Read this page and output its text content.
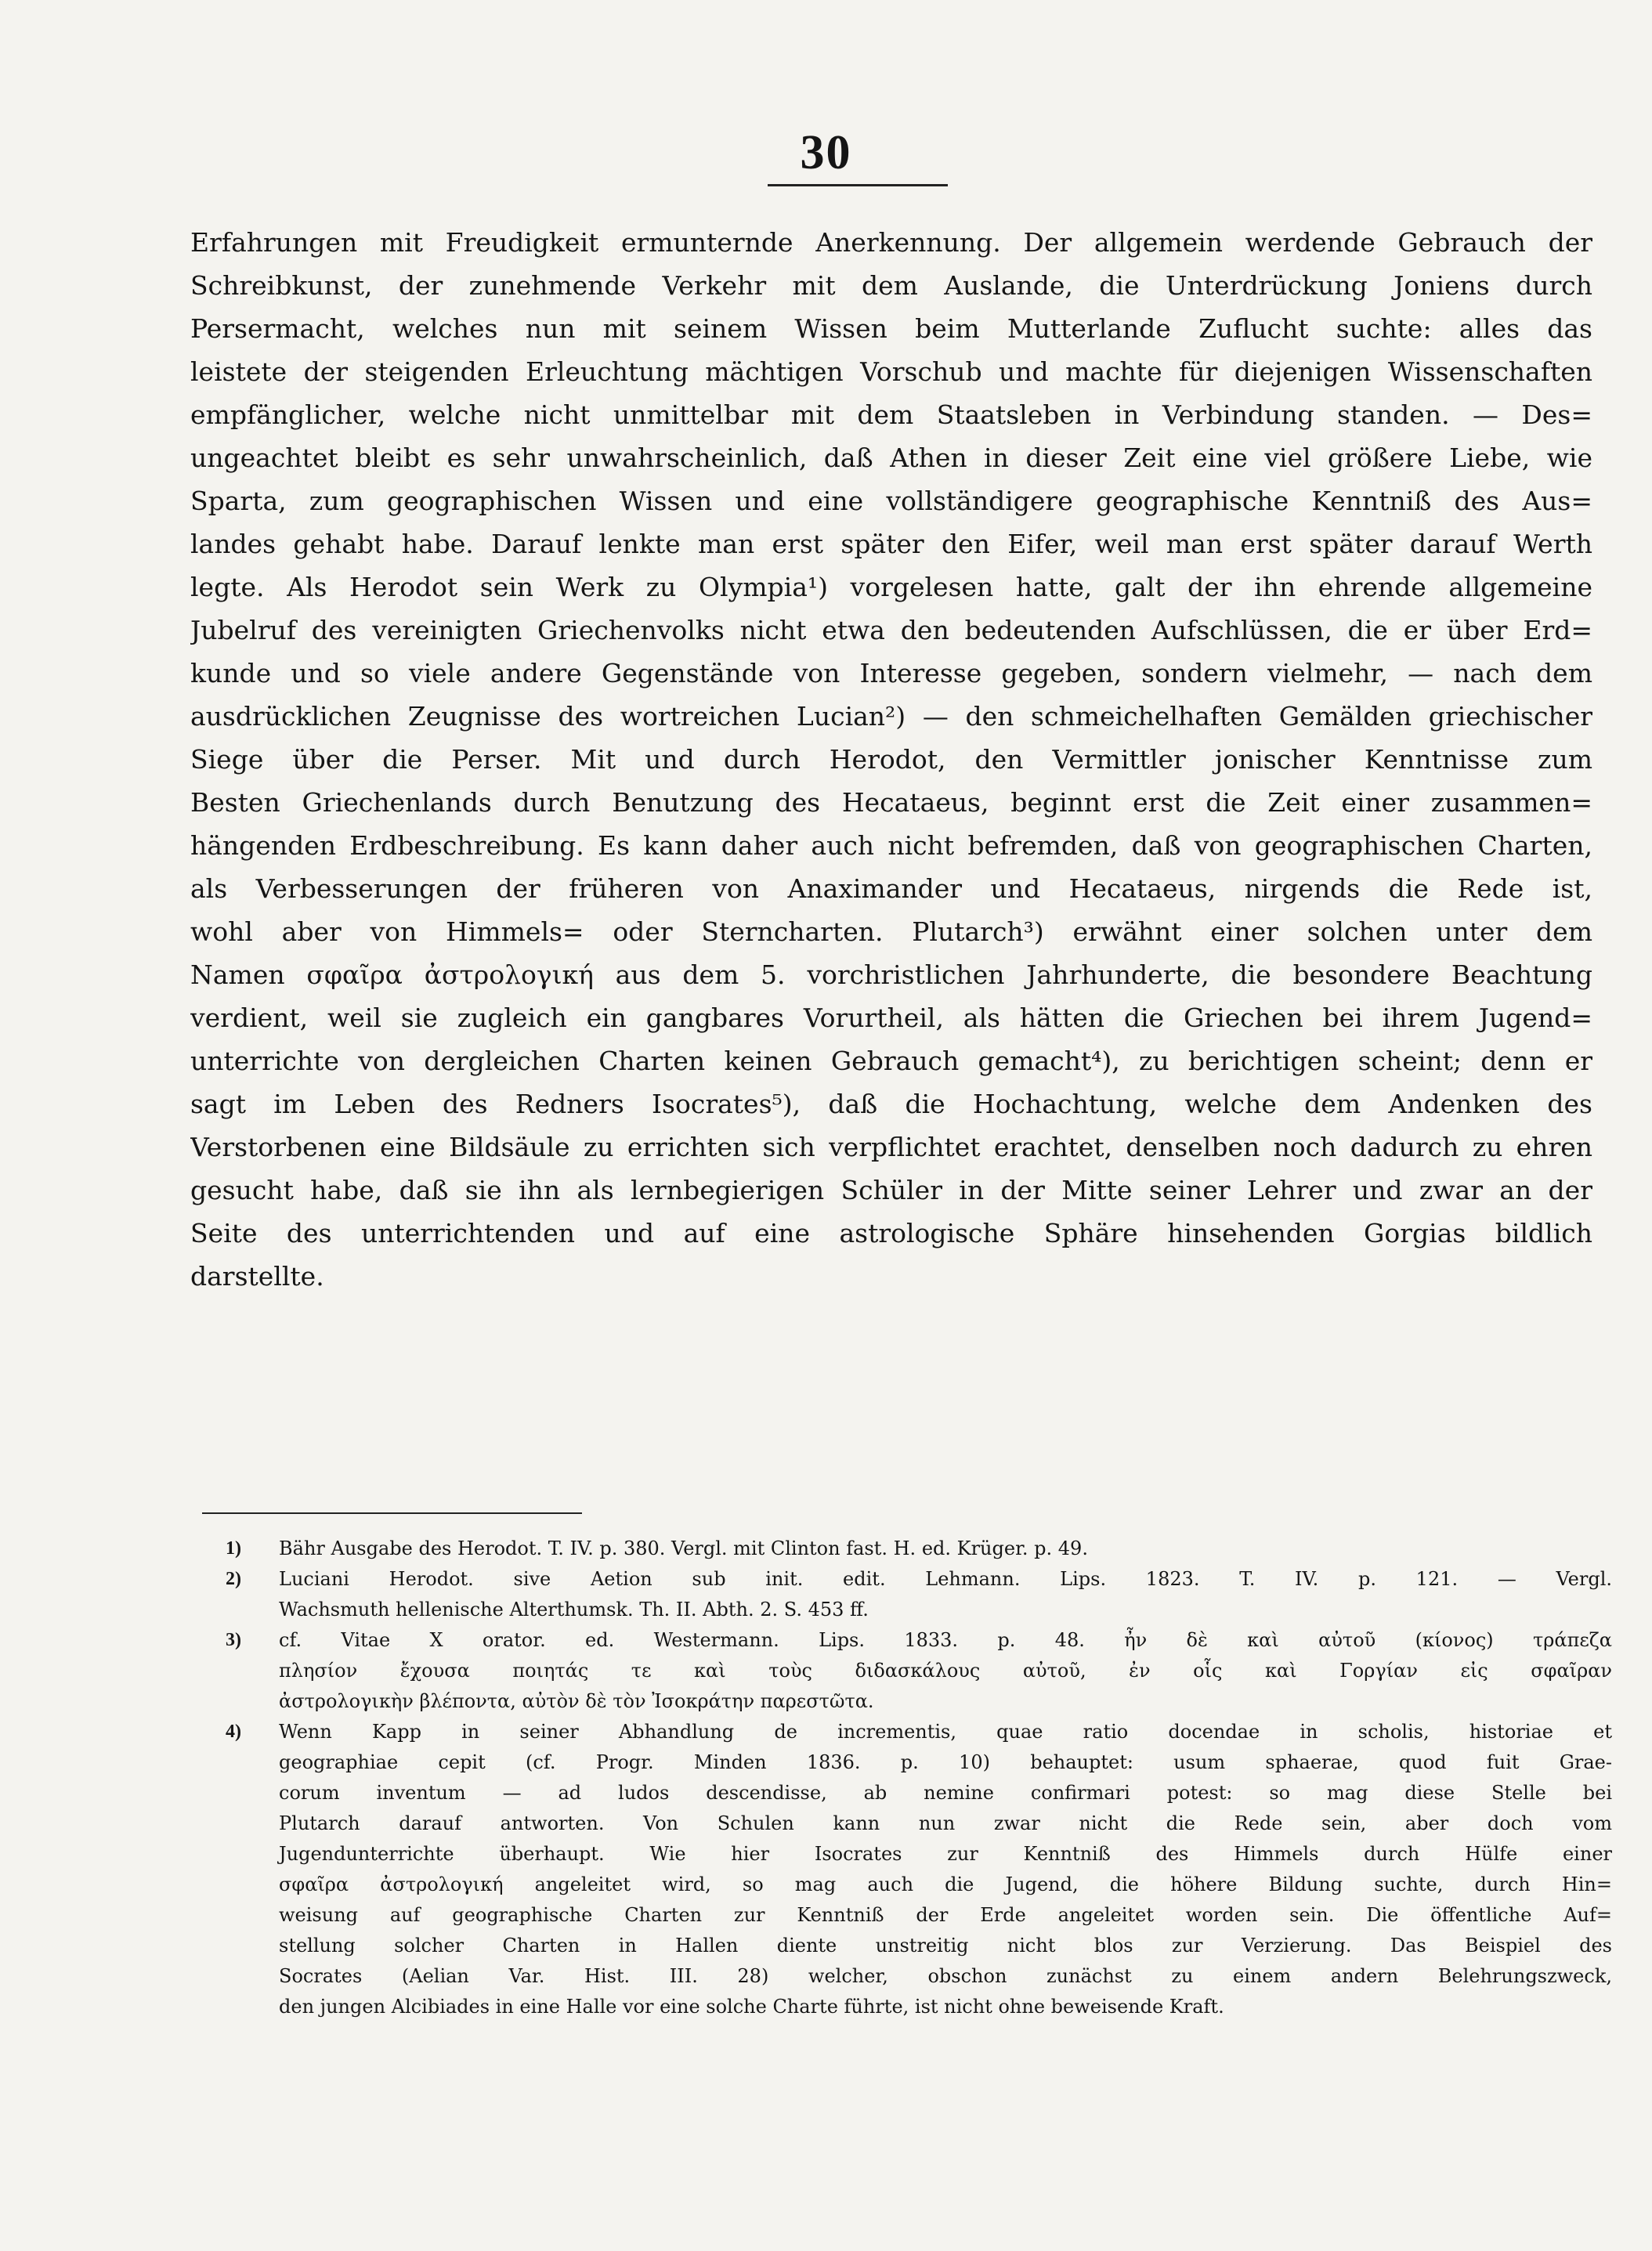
30
Erfahrungen mit Freudigkeit ermunternde Anerkennung. Der allgemein werdende Gebrauch der
Schreibkunst, der zunehmende Verkehr mit dem Auslande, die Unterdrückung Joniens durch
Persermacht, welches nun mit seinem Wissen beim Mutterlande Zuflucht suchte: alles das
leistete der steigenden Erleuchtung mächtigen Vorschub und machte für diejenigen Wissenschaften
empfänglicher, welche nicht unmittelbar mit dem Staatsleben in Verbindung standen. — Des=
ungeachtet bleibt es sehr unwahrscheinlich, daß Athen in dieser Zeit eine viel größere Liebe, wie
Sparta, zum geographischen Wissen und eine vollständigere geographische Kenntniß des Aus=
landes gehabt habe. Darauf lenkte man erst später den Eifer, weil man erst später darauf Werth
legte. Als Herodot sein Werk zu Olympia¹) vorgelesen hatte, galt der ihn ehrende allgemeine
Jubelruf des vereinigten Griechenvolks nicht etwa den bedeutenden Aufschlüssen, die er über Erd=
kunde und so viele andere Gegenstände von Interesse gegeben, sondern vielmehr, — nach dem
ausdrücklichen Zeugnisse des wortreichen Lucian²) — den schmeichelhaften Gemälden griechischer
Siege über die Perser. Mit und durch Herodot, den Vermittler jonischer Kenntnisse zum
Besten Griechenlands durch Benutzung des Hecataeus, beginnt erst die Zeit einer zusammen=
hängenden Erdbeschreibung. Es kann daher auch nicht befremden, daß von geographischen Charten,
als Verbesserungen der früheren von Anaximander und Hecataeus, nirgends die Rede ist,
wohl aber von Himmels= oder Sterncharten. Plutarch³) erwähnt einer solchen unter dem
Namen σφαῖρα ἀστρολογική aus dem 5. vorchristlichen Jahrhunderte, die besondere Beachtung
verdient, weil sie zugleich ein gangbares Vorurtheil, als hätten die Griechen bei ihrem Jugend=
unterrichte von dergleichen Charten keinen Gebrauch gemacht⁴), zu berichtigen scheint; denn er
sagt im Leben des Redners Isocrates⁵), daß die Hochachtung, welche dem Andenken des
Verstorbenen eine Bildsäule zu errichten sich verpflichtet erachtet, denselben noch dadurch zu ehren
gesucht habe, daß sie ihn als lernbegierigen Schüler in der Mitte seiner Lehrer und zwar an der
Seite des unterrichtenden und auf eine astrologische Sphäre hinsehenden Gorgias bildlich
darstellte.
1) Bähr Ausgabe des Herodot. T. IV. p. 380. Vergl. mit Clinton fast. H. ed. Krüger. p. 49.
2) Luciani Herodot. sive Aetion sub init. edit. Lehmann. Lips. 1823. T. IV. p. 121. — Vergl.
Wachsmuth hellenische Alterthumsk. Th. II. Abth. 2. S. 453 ff.
3) cf. Vitae X orator. ed. Westermann. Lips. 1833. p. 48. ἦν δὲ καὶ αὐτοῦ (κίονος) τράπεζα
πλησίον ἔχουσα ποιητάς τε καὶ τοὺς διδασκάλους αὐτοῦ, ἐν οἷς καὶ Γοργίαν εἰς σφαῖραν
ἀστρολογικὴν βλέποντα, αὐτὸν δὲ τὸν Ἰσοκράτην παρεστῶτα.
4) Wenn Kapp in seiner Abhandlung de incrementis, quae ratio docendae in scholis, historiae et
geographiae cepit (cf. Progr. Minden 1836. p. 10) behauptet: usum sphaerae, quod fuit Grae-
corum inventum — ad ludos descendisse, ab nemine confirmari potest: so mag diese Stelle bei
Plutarch darauf antworten. Von Schulen kann nun zwar nicht die Rede sein, aber doch vom
Jugendunterrichte überhaupt. Wie hier Isocrates zur Kenntniß des Himmels durch Hülfe einer
σφαῖρα ἀστρολογική angeleitet wird, so mag auch die Jugend, die höhere Bildung suchte, durch Hin=
weisung auf geographische Charten zur Kenntniß der Erde angeleitet worden sein. Die öffentliche Auf=
stellung solcher Charten in Hallen diente unstreitig nicht blos zur Verzierung. Das Beispiel des
Socrates (Aelian Var. Hist. III. 28) welcher, obschon zunächst zu einem andern Belehrungszweck,
den jungen Alcibiades in eine Halle vor eine solche Charte führte, ist nicht ohne beweisende Kraft.
